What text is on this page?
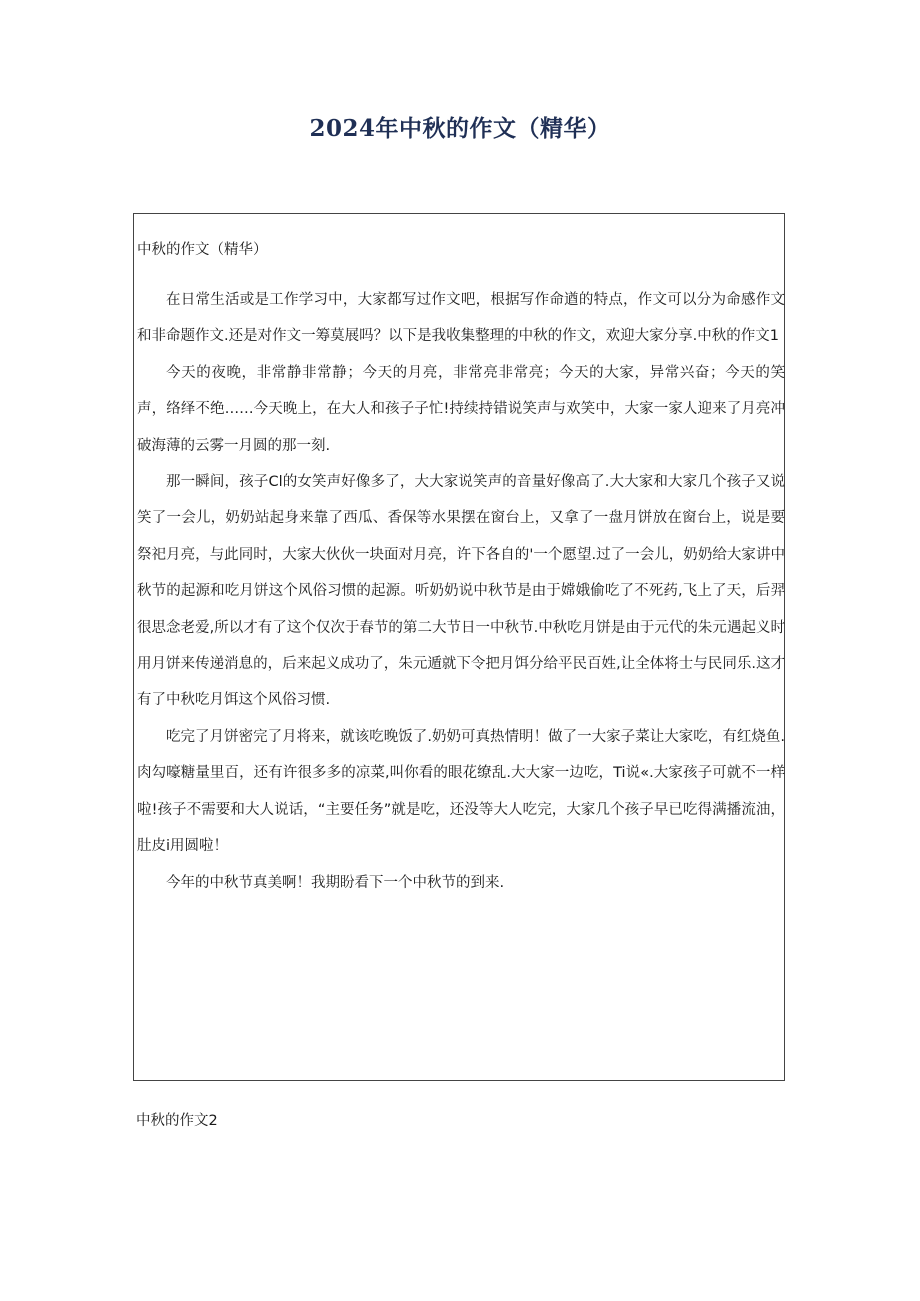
2024年中秋的作文（精华）
中秋的作文（精华）

在日常生活或是工作学习中，大家都写过作文吧，根据写作命遒的特点，作文可以分为命感作文和非命题作文.还是对作文一筹莫展吗？以下是我收集整理的中秋的作文，欢迎大家分享.中秋的作文1

今天的夜晚，非常静非常静；今天的月亮，非常亮非常亮；今天的大家，异常兴奋；今天的笑声，络绎不绝……今天晚上，在大人和孩子子忙!持续持错说笑声与欢笑中，大家一家人迎来了月亮冲破海薄的云雾一月圆的那一刻.

那一瞬间，孩子Cl的女笑声好像多了，大大家说笑声的音量好像高了.大大家和大家几个孩子又说笑了一会儿，奶奶站起身来靠了西瓜、香保等水果摆在窗台上，又拿了一盘月饼放在窗台上，说是要祭祀月亮，与此同时，大家大伙伙一块面对月亮，许下各自的'一个愿望.过了一会儿，奶奶给大家讲中秋节的起源和吃月饼这个风俗习惯的起源。听奶奶说中秋节是由于嫦娥偷吃了不死药,飞上了天，后羿很思念老爱,所以才有了这个仅次于春节的第二大节日一中秋节.中秋吃月饼是由于元代的朱元遇起义时用月饼来传递消息的，后来起义成功了，朱元遁就下令把月饵分给平民百姓,让全体将士与民同乐.这才有了中秋吃月饵这个风俗习惯.

吃完了月饼密完了月将来，就该吃晚饭了.奶奶可真热情明！做了一大家子菜让大家吃，有红烧鱼.肉勾嚎糖量里百，还有许很多多的凉菜,叫你看的眼花缭乱.大大家一边吃，Ti说«.大家孩子可就不一样啦!孩子不需要和大人说话，“主要任务”就是吃，还没等大人吃完，大家几个孩子早已吃得满播流油，肚皮i用圆啦！

今年的中秋节真美啊！我期盼看下一个中秋节的到来.

中秋的作文2
